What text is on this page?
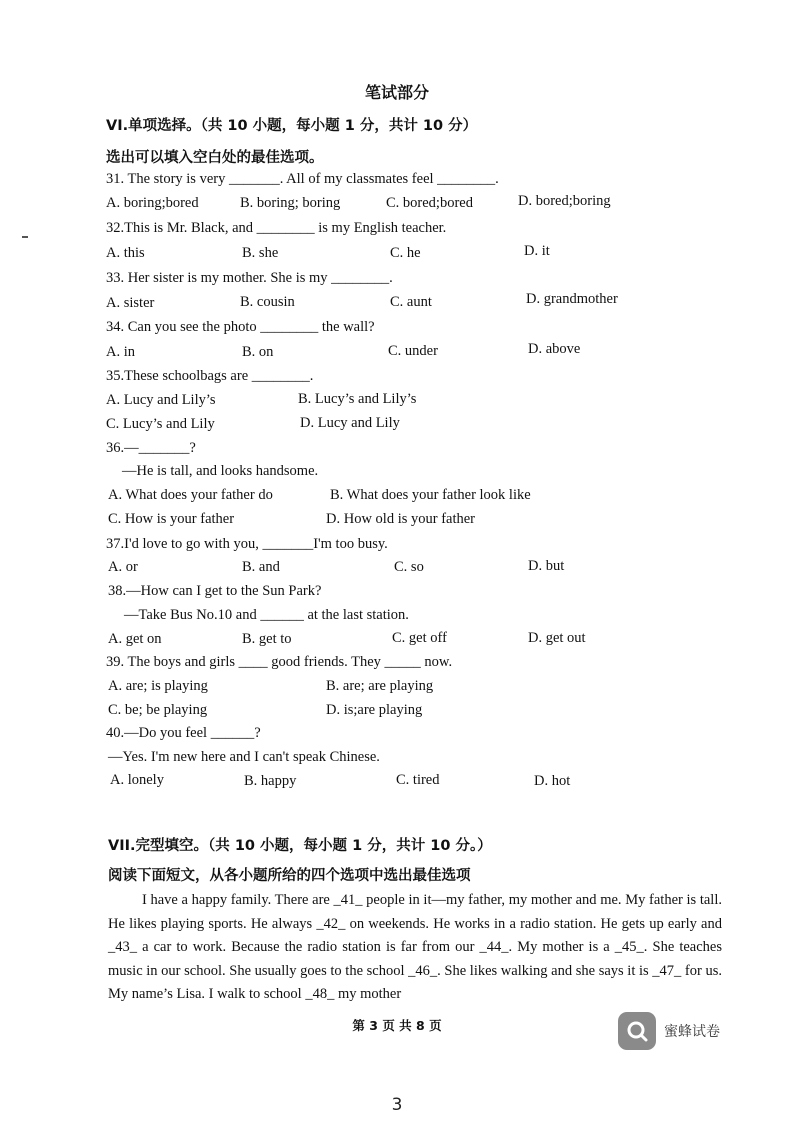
笔试部分
VI.单项选择。（共 10 小题，每小题 1 分，共计 10 分）
选出可以填入空白处的最佳选项。
31. The story is very _______. All of my classmates feel ________.
A. boring;bored	B. boring; boring	C. bored;bored	D. bored;boring
32.This is Mr. Black, and ________ is my English teacher.
A. this	B. she	C. he	D. it
33. Her sister is my mother. She is my ________.
A. sister	B. cousin	C. aunt	D. grandmother
34. Can you see the photo ________ the wall?
A. in	B. on	C. under	D. above
35.These schoolbags are ________.
A. Lucy and Lily’s	B. Lucy’s and Lily’s
C. Lucy’s and Lily	D. Lucy and Lily
36.—_______?
—He is tall, and looks handsome.
A. What does your father do	B. What does your father look like
C. How is your father	D. How old is your father
37.I'd love to go with you, _______I'm too busy.
A. or	B. and	C. so	D. but
38.—How can I get to the Sun Park?
—Take Bus No.10 and ______ at the last station.
A. get on	B. get to	C. get off	D. get out
39. The boys and girls ____ good friends. They _____ now.
A. are; is playing	B. are; are playing
C. be; be playing	D. is;are playing
40.—Do you feel ______?
—Yes. I'm new here and I can't speak Chinese.
A. lonely	B. happy	C. tired	D. hot
VII.完型填空。（共 10 小题，每小题 1 分，共计 10 分。）
阅读下面短文，从各小题所给的四个选项中选出最佳选项

I have a happy family. There are _41_ people in it—my father, my mother and me. My father is tall. He likes playing sports. He always _42_ on weekends. He works in a radio station. He gets up early and _43_ a car to work. Because the radio station is far from our _44_. My mother is a _45_. She teaches music in our school. She usually goes to the school _46_. She likes walking and she says it is _47_ for us. My name’s Lisa. I walk to school _48_ my mother

第 3 页 共 8 页	蜜蜂试卷
3
